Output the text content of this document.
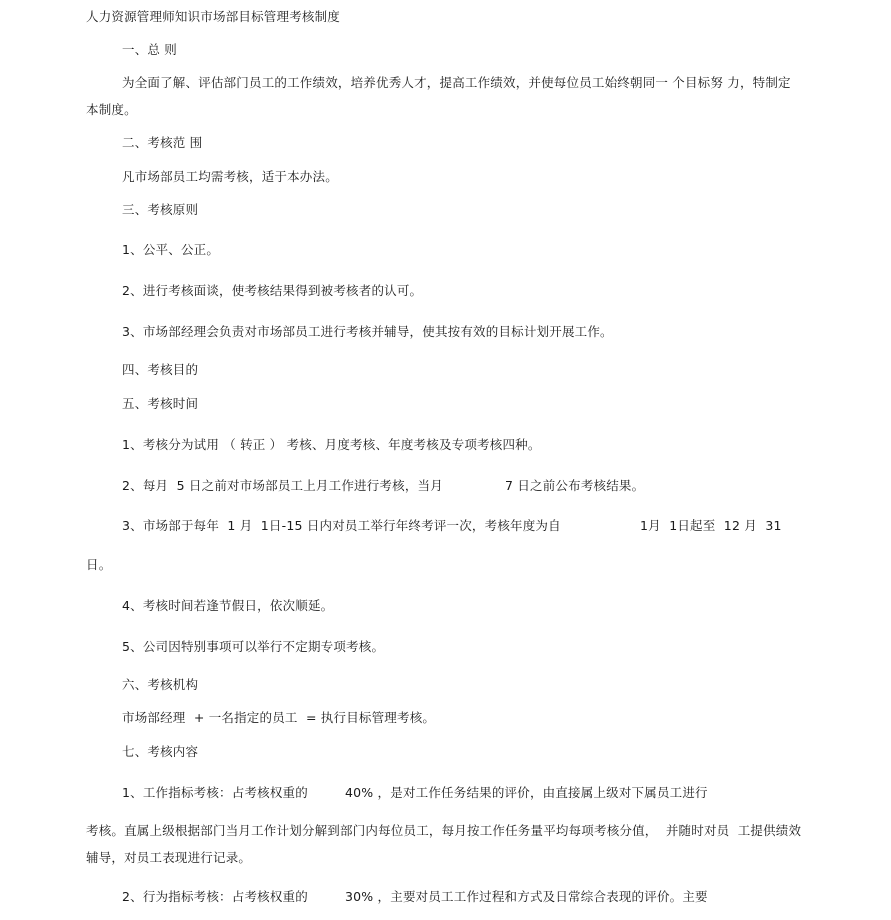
人力资源管理师知识市场部目标管理考核制度
一、总 则
为全面了解、评估部门员工的工作绩效，培养优秀人才，提高工作绩效，并使每位员工始终朝同一 个目标努 力，特制定
本制度。
二、考核范 围
凡市场部员工均需考核，适于本办法。
三、考核原则
1、公平、公正。
2、进行考核面谈，使考核结果得到被考核者的认可。
3、市场部经理会负责对市场部员工进行考核并辅导，使其按有效的目标计划开展工作。
四、考核目的
五、考核时间
1、考核分为试用 （ 转正 ） 考核、月度考核、年度考核及专项考核四种。
2、每月  5 日之前对市场部员工上月工作进行考核，当月	7 日之前公布考核结果。
3、市场部于每年  1 月  1日-15 日内对员工举行年终考评一次，考核年度为自	1月  1日起至  12 月  31
日。
4、考核时间若逢节假日，依次顺延。
5、公司因特别事项可以举行不定期专项考核。
六、考核机构
市场部经理  + 一名指定的员工  = 执行目标管理考核。
七、考核内容
1、工作指标考核：占考核权重的	40% ，是对工作任务结果的评价，由直接属上级对下属员工进行
考核。直属上级根据部门当月工作计划分解到部门内每位员工，每月按工作任务量平均每项考核分值，  并随时对员  工提供绩效
辅导，对员工表现进行记录。
2、行为指标考核：占考核权重的	30% ，主要对员工工作过程和方式及日常综合表现的评价。主要
